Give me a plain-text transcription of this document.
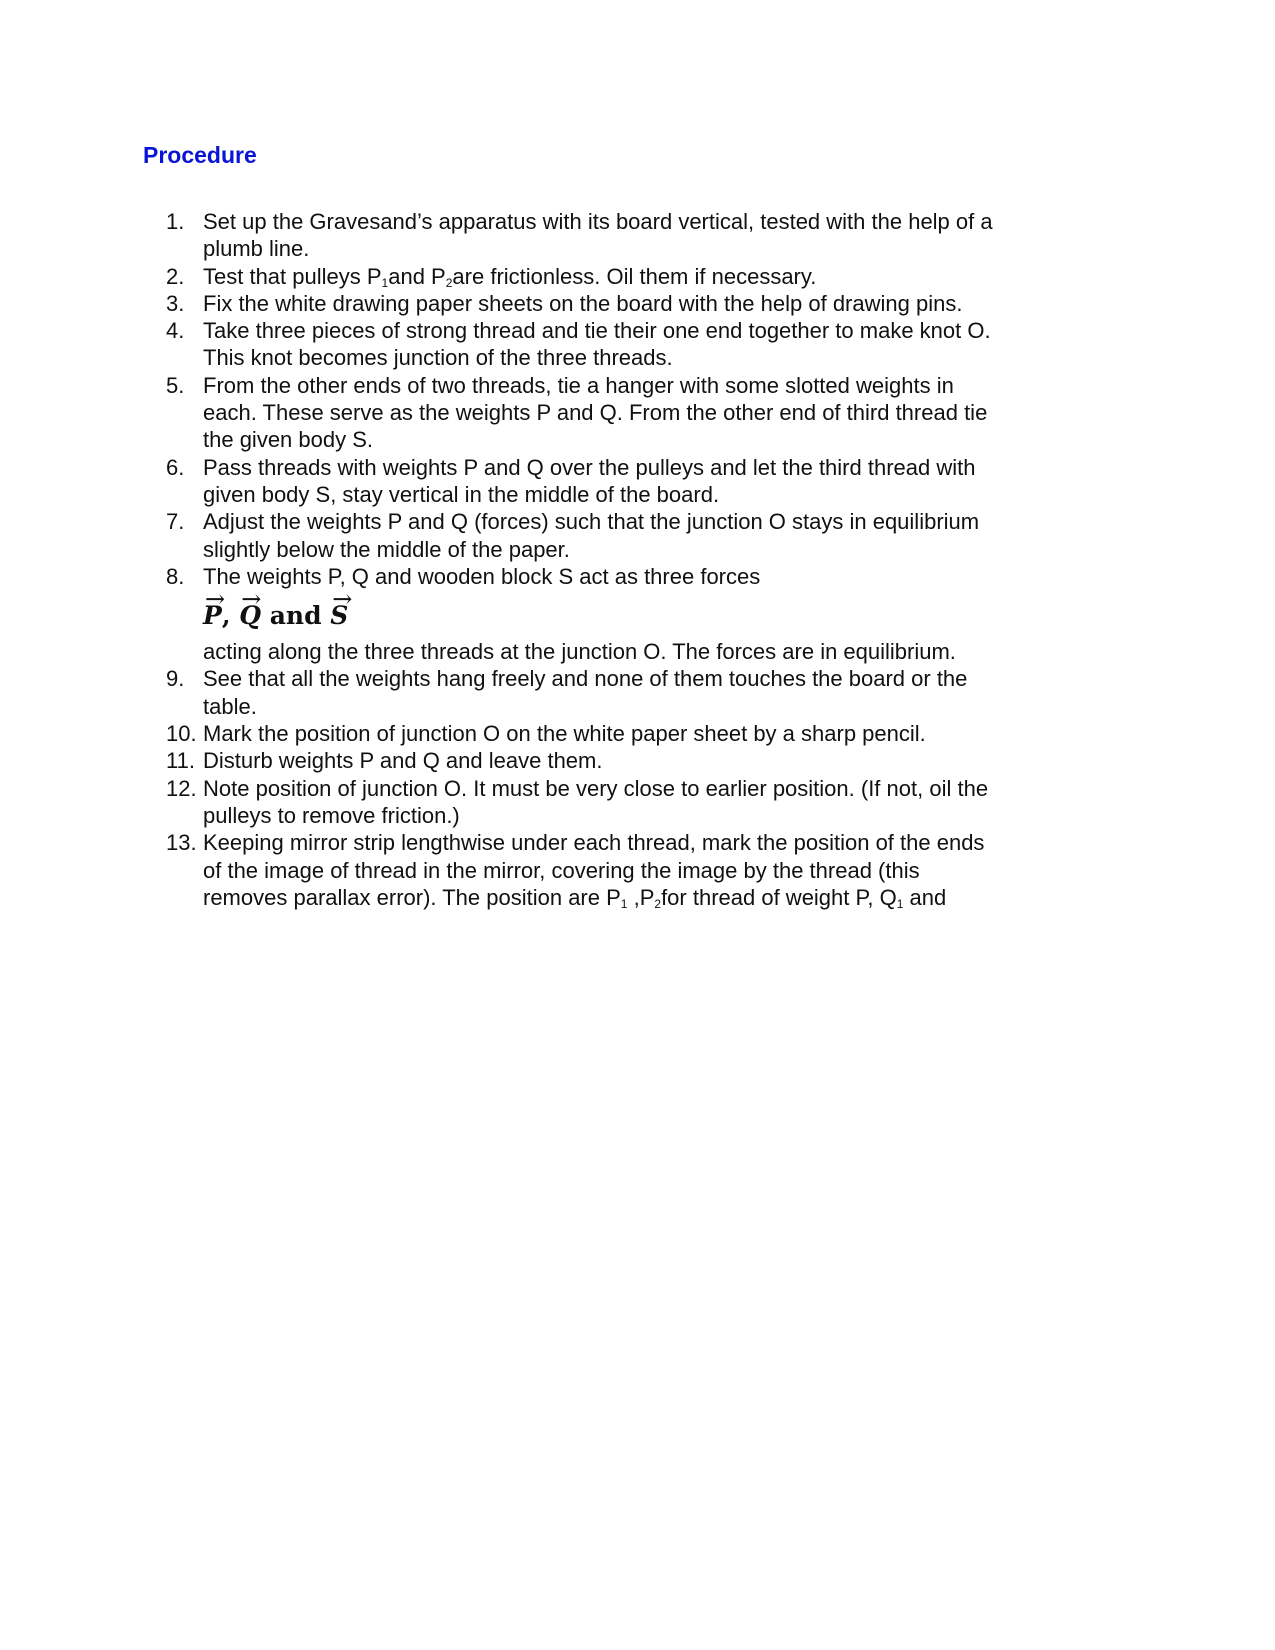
Procedure
1. Set up the Gravesand’s apparatus with its board vertical, tested with the help of a
plumb line.
2. Test that pulleys $P_1and$ $P_2are$ frictionless. Oil them if necessary.
3. Fix the white drawing paper sheets on the board with the help of drawing pins.
4. Take three pieces of strong thread and tie their one end together to make knot O.
This knot becomes junction of the three threads.
5. From the other ends of two threads, tie a hanger with some slotted weights in
each. These serve as the weights P and Q. From the other end of third thread tie
the given body S.
6. Pass threads with weights P and Q over the pulleys and let the third thread with
given body S, stay vertical in the middle of the board.
7. Adjust the weights P and Q (forces) such that the junction O stays in equilibrium
slightly below the middle of the paper.
8. The weights P, Q and wooden block S act as three forces
→ P, → Q and → S
acting along the three threads at the junction O. The forces are in equilibrium.
9. See that all the weights hang freely and none of them touches the board or the
table.
10. Mark the position of junction O on the white paper sheet by a sharp pencil.
11. Disturb weights P and Q and leave them.
12. Note position of junction O. It must be very close to earlier position. (If not, oil the
pulleys to remove friction.)
13. Keeping mirror strip lengthwise under each thread, mark the position of the ends
of the image of thread in the mirror, covering the image by the thread (this
removes parallax error). The position are $P_1$ $,P_2for$ thread of weight P, $Q_1$ and
